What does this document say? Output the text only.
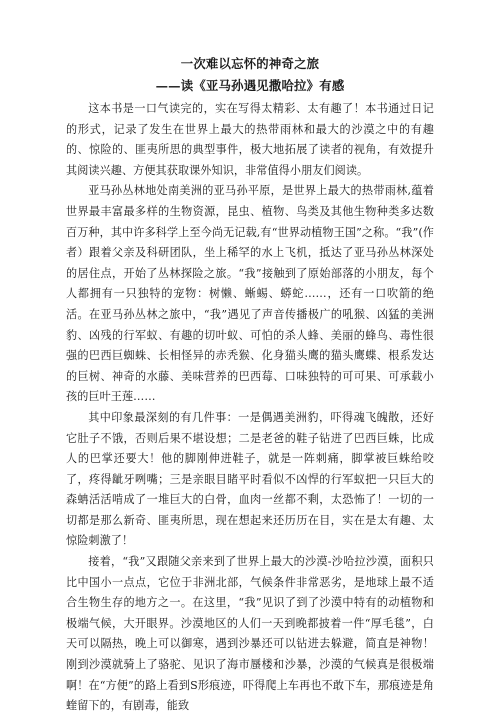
一次难以忘怀的神奇之旅
——读《亚马孙遇见撒哈拉》有感

这本书是一口气读完的，实在写得太精彩、太有趣了！本书通过日记的形式，记录了发生在世界上最大的热带雨林和最大的沙漠之中的有趣的、惊险的、匪夷所思的典型事件，极大地拓展了读者的视角，有效提升其阅读兴趣、方便其获取课外知识，非常值得小朋友们阅读。

亚马孙丛林地处南美洲的亚马孙平原，是世界上最大的热带雨林,蕴着世界最丰富最多样的生物资源，昆虫、植物、鸟类及其他生物种类多达数百万种，其中许多科学上至今尚无记载,有“世界动植物王国”之称。“我”(作者）跟着父亲及科研团队，坐上稀罕的水上飞机，抵达了亚马孙丛林深处的居住点，开始了丛林探险之旅。“我”接触到了原始部落的小朋友，每个人都拥有一只独特的宠物：树懒、蜥蜴、蟒蛇……，还有一口吹箭的绝活。在亚马孙丛林之旅中，“我”遇见了声音传播极广的吼猴、凶猛的美洲豹、凶残的行军蚁、有趣的切叶蚁、可怕的杀人蜂、美丽的蜂鸟、毒性很强的巴西巨蜘蛛、长相怪异的赤秃猴、化身猫头鹰的猫头鹰蝶、根系发达的巨树、神奇的水藤、美味营养的巴西莓、口味独特的可可果、可承载小孩的巨叶王莲……

其中印象最深刻的有几件事：一是偶遇美洲豹，吓得魂飞魄散，还好它肚子不饿，否则后果不堪设想；二是老爸的鞋子钻进了巴西巨蛛，比成人的巴掌还要大！他的脚刚伸进鞋子，就是一阵刺痛，脚掌被巨蛛给咬了，疼得龇牙咧嘴；三是亲眼目睹平时看似不凶悍的行军蚁把一只巨大的森蚺活活啃成了一堆巨大的白骨，血肉一丝都不剩，太恐怖了！一切的一切都是那么新奇、匪夷所思，现在想起来还历历在目，实在是太有趣、太惊险刺激了！

接着，“我”又跟随父亲来到了世界上最大的沙漠-沙哈拉沙漠，面积只比中国小一点点，它位于非洲北部，气候条件非常恶劣，是地球上最不适合生物生存的地方之一。在这里，“我”见识了到了沙漠中特有的动植物和极端气候，大开眼界。沙漠地区的人们一天到晚都披着一件“厚毛毯”，白天可以隔热，晚上可以御寒，遇到沙暴还可以钻进去躲避，简直是神物！刚到沙漠就骑上了骆驼、见识了海市蜃楼和沙暴，沙漠的气候真是很极端啊！在“方便”的路上看到S形痕迹，吓得爬上车再也不敢下车，那痕迹是角蝰留下的，有剧毒，能致
